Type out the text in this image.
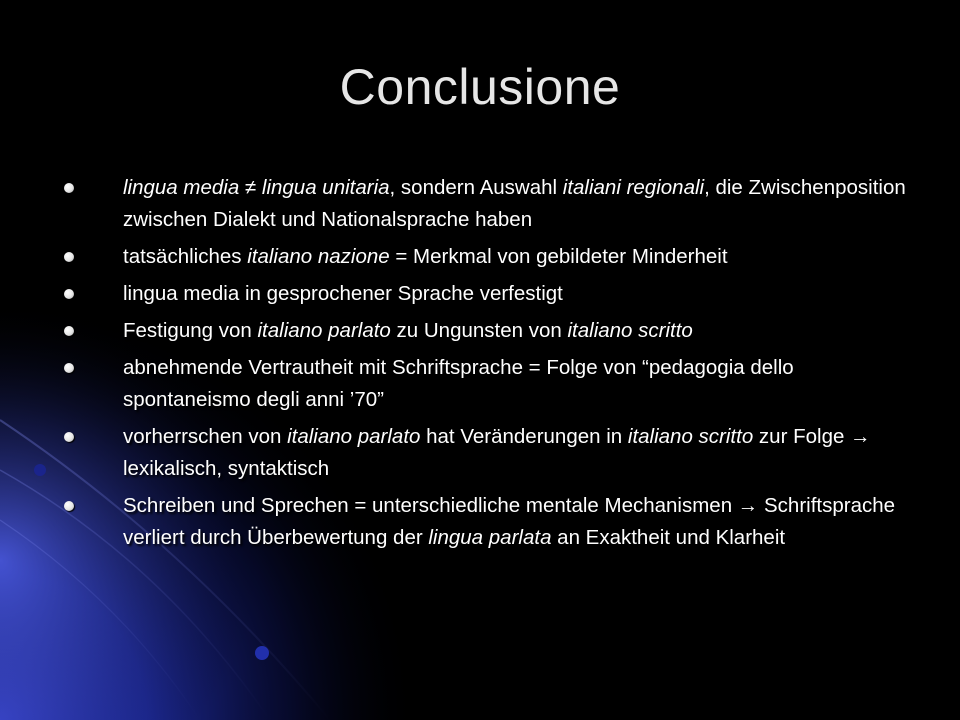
Conclusione
lingua media ≠ lingua unitaria, sondern Auswahl italiani regionali, die Zwischenposition zwischen Dialekt und Nationalsprache haben
tatsächliches italiano nazione = Merkmal von gebildeter Minderheit
lingua media in gesprochener Sprache verfestigt
Festigung von italiano parlato zu Ungunsten von italiano scritto
abnehmende Vertrautheit mit Schriftsprache = Folge von “pedagogia dello spontaneismo degli anni ’70”
vorherrschen von italiano parlato hat Veränderungen in italiano scritto zur Folge → lexikalisch, syntaktisch
Schreiben und Sprechen = unterschiedliche mentale Mechanismen → Schriftsprache verliert durch Überbewertung der lingua parlata an Exaktheit und Klarheit
